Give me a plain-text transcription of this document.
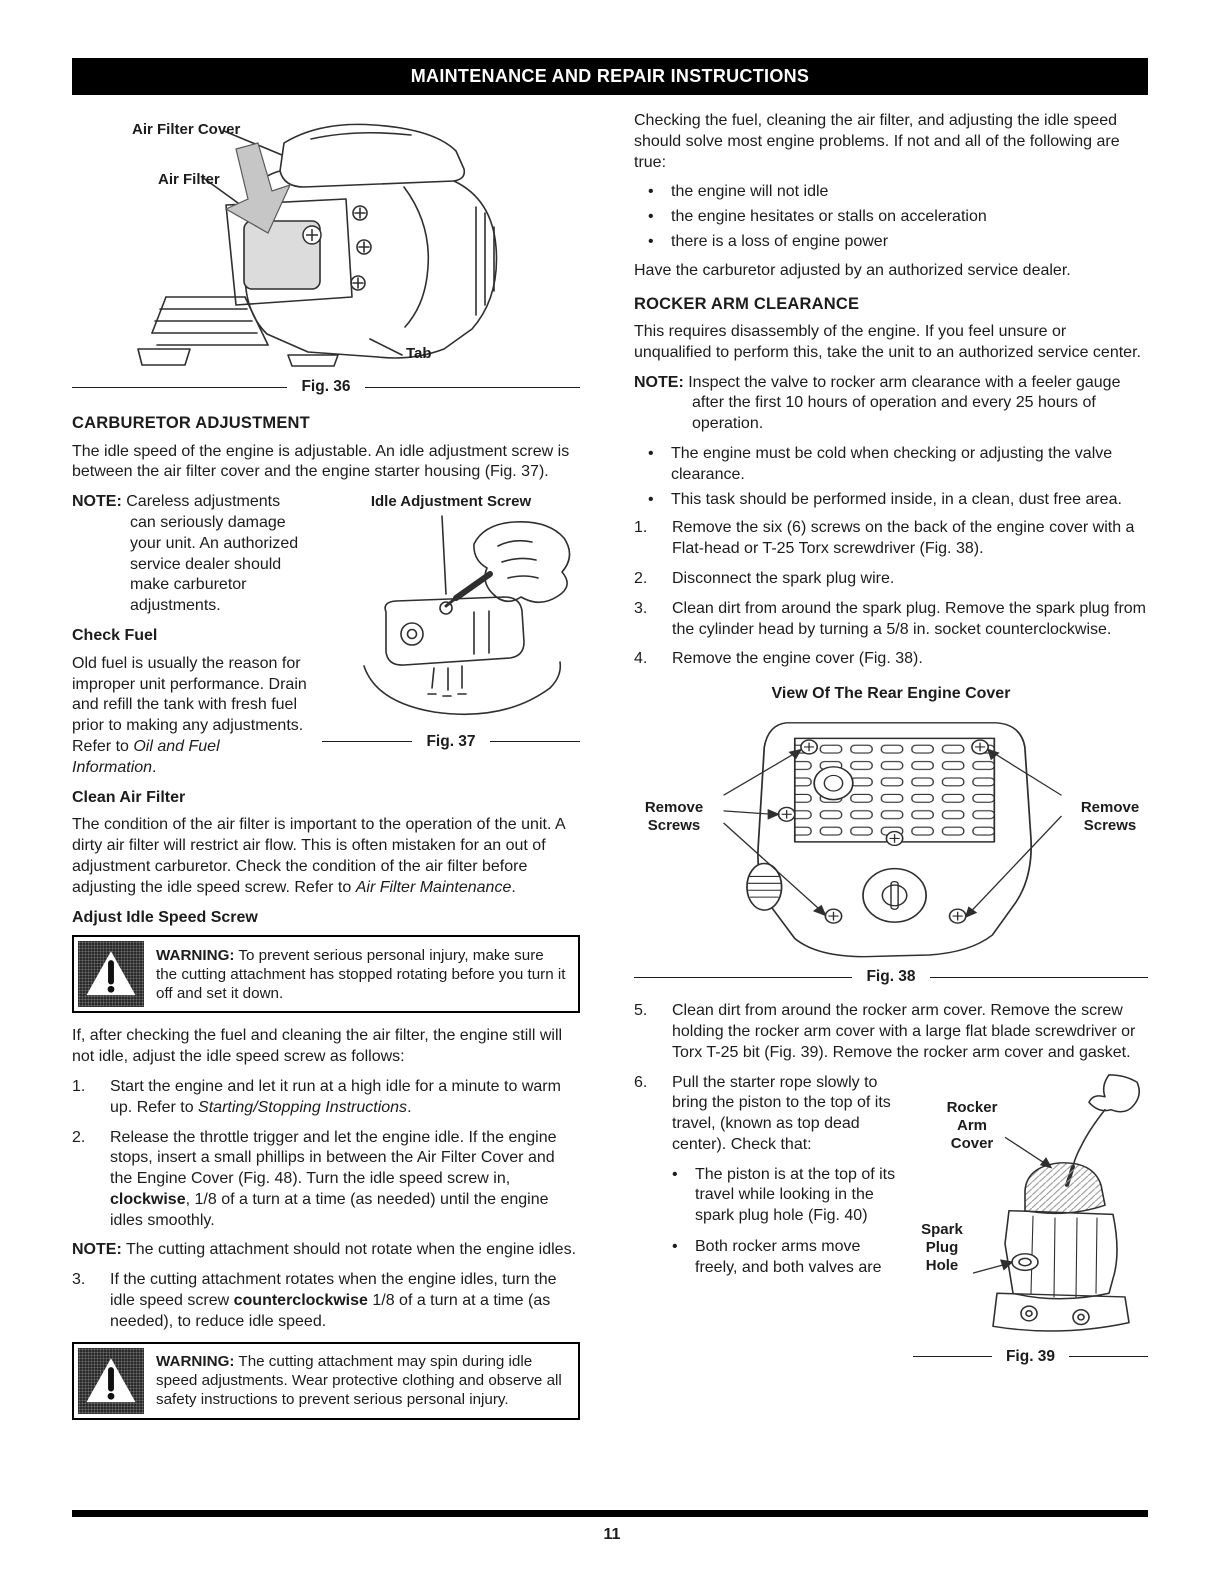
MAINTENANCE AND REPAIR INSTRUCTIONS
Air Filter Cover
Air Filter
Tab
Fig. 36
CARBURETOR ADJUSTMENT

The idle speed of the engine is adjustable. An idle adjustment screw is between the air filter cover and the engine starter housing (Fig. 37).

Idle Adjustment Screw
Fig. 37

NOTE: Careless adjustments can seriously damage your unit. An authorized service dealer should make carburetor adjustments.

Check Fuel

Old fuel is usually the reason for improper unit performance. Drain and refill the tank with fresh fuel prior to making any adjustments. Refer to Oil and Fuel Information.

Clean Air Filter

The condition of the air filter is important to the operation of the unit. A dirty air filter will restrict air flow. This is often mistaken for an out of adjustment carburetor. Check the condition of the air filter before adjusting the idle speed screw. Refer to Air Filter Maintenance.

Adjust Idle Speed Screw
WARNING: To prevent serious personal injury, make sure the cutting attachment has stopped rotating before you turn it off and set it down.

If, after checking the fuel and cleaning the air filter, the engine still will not idle, adjust the idle speed screw as follows:

1.	Start the engine and let it run at a high idle for a minute to warm up. Refer to Starting/Stopping Instructions.
2.	Release the throttle trigger and let the engine idle. If the engine stops, insert a small phillips in between the Air Filter Cover and the Engine Cover (Fig. 48). Turn the idle speed screw in, clockwise, 1/8 of a turn at a time (as needed) until the engine idles smoothly.

NOTE: The cutting attachment should not rotate when the engine idles.

3.	If the cutting attachment rotates when the engine idles, turn the idle speed screw counterclockwise 1/8 of a turn at a time (as needed), to reduce idle speed.
WARNING: The cutting attachment may spin during idle speed adjustments. Wear protective clothing and observe all safety instructions to prevent serious personal injury.

Checking the fuel, cleaning the air filter, and adjusting the idle speed should solve most engine problems. If not and all of the following are true:

•
the engine will not idle
•
the engine hesitates or stalls on acceleration
•
there is a loss of engine power

Have the carburetor adjusted by an authorized service dealer.

ROCKER ARM CLEARANCE

This requires disassembly of the engine. If you feel unsure or unqualified to perform this, take the unit to an authorized service center.

NOTE: Inspect the valve to rocker arm clearance with a feeler gauge after the first 10 hours of operation and every 25 hours of operation.

•
The engine must be cold when checking or adjusting the valve clearance.
•
This task should be performed inside, in a clean, dust free area.
1.	Remove the six (6) screws on the back of the engine cover with a Flat-head or T-25 Torx screwdriver (Fig. 38).
2.	Disconnect the spark plug wire.
3.	Clean dirt from around the spark plug. Remove the spark plug from the cylinder head by turning a 5/8 in. socket counterclockwise.
4.	Remove the engine cover (Fig. 38).
View Of The Rear Engine Cover
Remove Screws
Remove Screws
Fig. 38
5.	Clean dirt from around the rocker arm cover. Remove the screw holding the rocker arm cover with a large flat blade screwdriver or Torx T-25 bit (Fig. 39). Remove the rocker arm cover and gasket.
Rocker Arm Cover
Spark Plug Hole
Fig. 39
6.	Pull the starter rope slowly to bring the piston to the top of its travel, (known as top dead center). Check that:
•
The piston is at the top of its travel while looking in the spark plug hole (Fig. 40)
•
Both rocker arms move freely, and both valves are
11
